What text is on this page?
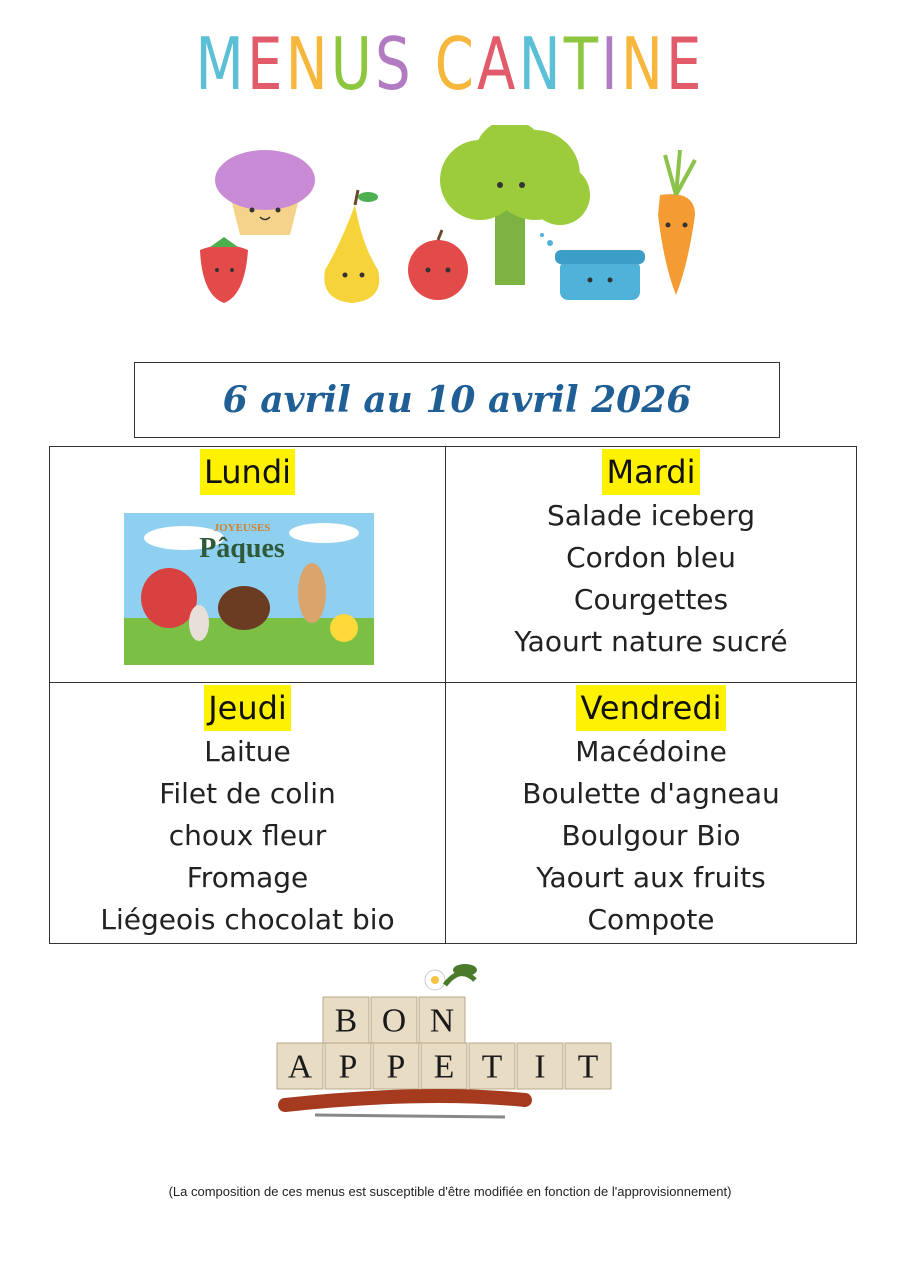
MENUS CANTINE
6 avril au 10 avril 2026
Lundi
JOYEUSES
Pâques
Mardi
Salade iceberg
Cordon bleu
Courgettes
Yaourt nature sucré
Jeudi
Laitue
Filet de colin
choux fleur
Fromage
Liégeois chocolat bio
Vendredi
Macédoine
Boulette d'agneau
Boulgour Bio
Yaourt aux fruits
Compote
B O N
A P P E T I T
(La composition de ces menus est susceptible d'être modifiée en fonction de l'approvisionnement)
